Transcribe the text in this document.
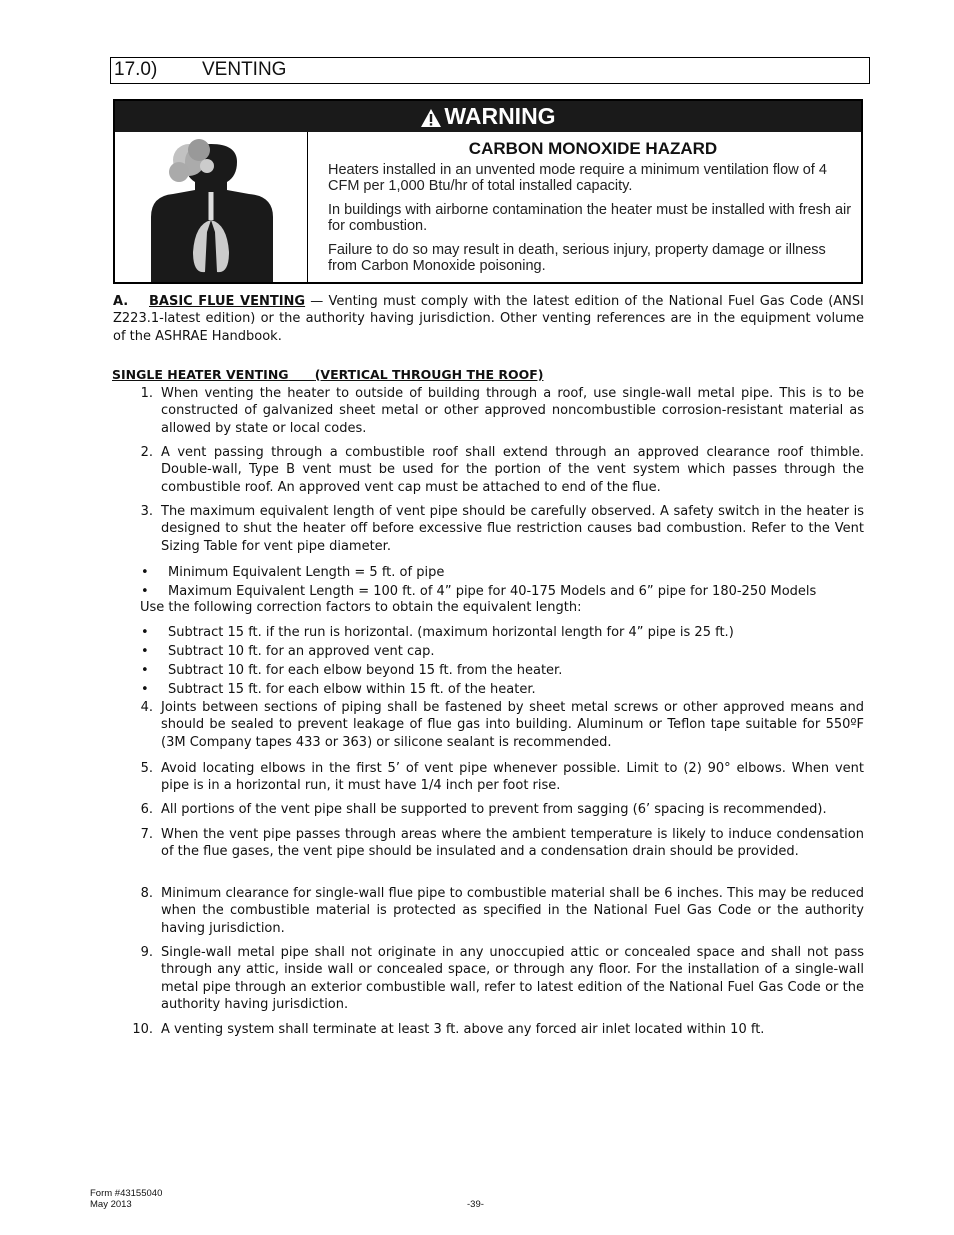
17.0) VENTING
WARNING
CARBON MONOXIDE HAZARD

Heaters installed in an unvented mode require a minimum ventilation flow of 4 CFM per 1,000 Btu/hr of total installed capacity.

In buildings with airborne contamination the heater must be installed with fresh air for combustion.

Failure to do so may result in death, serious injury, property damage or illness from Carbon Monoxide poisoning.

A. BASIC FLUE VENTING — Venting must comply with the latest edition of the National Fuel Gas Code (ANSI Z223.1-latest edition) or the authority having jurisdiction. Other venting references are in the equipment volume of the ASHRAE Handbook.
SINGLE HEATER VENTING (VERTICAL THROUGH THE ROOF)
1. When venting the heater to outside of building through a roof, use single-wall metal pipe. This is to be constructed of galvanized sheet metal or other approved noncombustible corrosion-resistant material as allowed by state or local codes.
2. A vent passing through a combustible roof shall extend through an approved clearance roof thimble. Double-wall, Type B vent must be used for the portion of the vent system which passes through the combustible roof. An approved vent cap must be attached to end of the flue.
3. The maximum equivalent length of vent pipe should be carefully observed. A safety switch in the heater is designed to shut the heater off before excessive flue restriction causes bad combustion. Refer to the Vent Sizing Table for vent pipe diameter.
• Minimum Equivalent Length = 5 ft. of pipe
• Maximum Equivalent Length = 100 ft. of 4” pipe for 40-175 Models and 6” pipe for 180-250 Models
Use the following correction factors to obtain the equivalent length:
• Subtract 15 ft. if the run is horizontal. (maximum horizontal length for 4” pipe is 25 ft.)
• Subtract 10 ft. for an approved vent cap.
• Subtract 10 ft. for each elbow beyond 15 ft. from the heater.
• Subtract 15 ft. for each elbow within 15 ft. of the heater.
4. Joints between sections of piping shall be fastened by sheet metal screws or other approved means and should be sealed to prevent leakage of flue gas into building. Aluminum or Teflon tape suitable for 550ºF (3M Company tapes 433 or 363) or silicone sealant is recommended.
5. Avoid locating elbows in the first 5’ of vent pipe whenever possible. Limit to (2) 90° elbows. When vent pipe is in a horizontal run, it must have 1/4 inch per foot rise.
6. All portions of the vent pipe shall be supported to prevent from sagging (6’ spacing is recommended).
7. When the vent pipe passes through areas where the ambient temperature is likely to induce condensation of the flue gases, the vent pipe should be insulated and a condensation drain should be provided.
8. Minimum clearance for single-wall flue pipe to combustible material shall be 6 inches. This may be reduced when the combustible material is protected as specified in the National Fuel Gas Code or the authority having jurisdiction.
9. Single-wall metal pipe shall not originate in any unoccupied attic or concealed space and shall not pass through any attic, inside wall or concealed space, or through any floor. For the installation of a single-wall metal pipe through an exterior combustible wall, refer to latest edition of the National Fuel Gas Code or the authority having jurisdiction.
10. A venting system shall terminate at least 3 ft. above any forced air inlet located within 10 ft.
Form #43155040
May 2013	-39-
